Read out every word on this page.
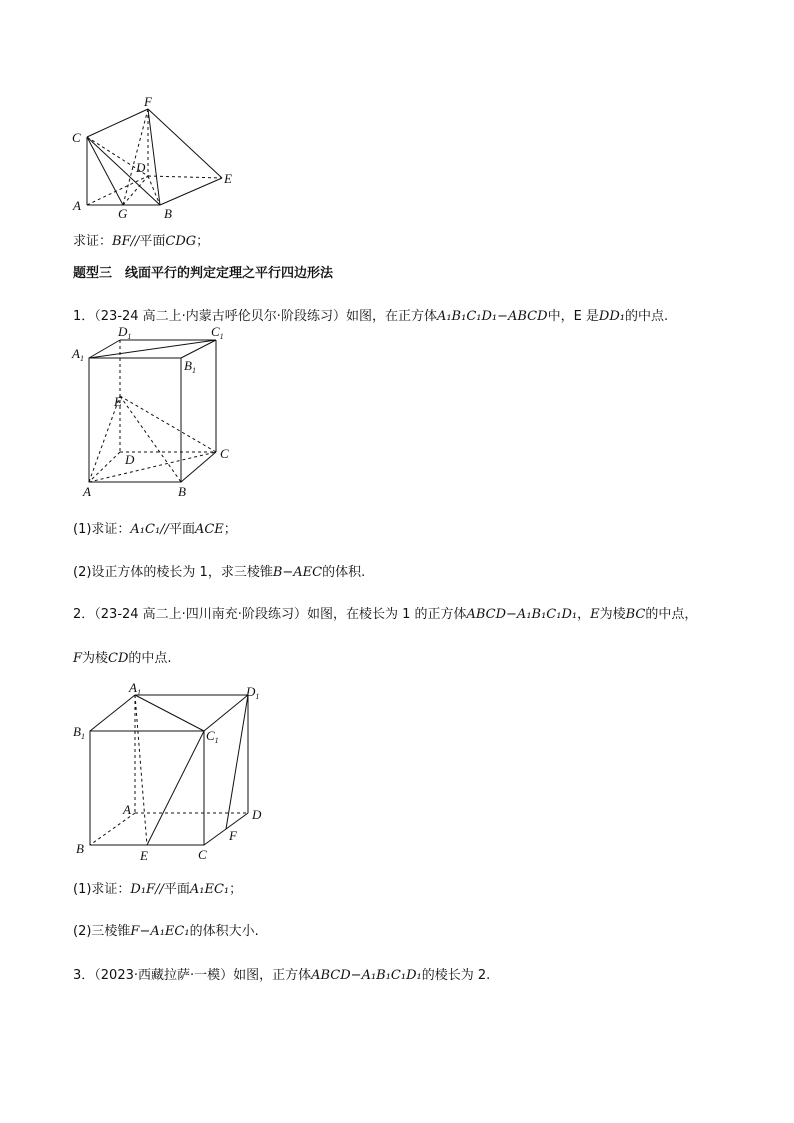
C
F
D
E
A
G	B
求证：BF//平面CDG；
题型三　线面平行的判定定理之平行四边形法
1．（23-24 高二上·内蒙古呼伦贝尔·阶段练习）如图，在正方体A₁B₁C₁D₁−ABCD中，E 是DD₁的中点.
$D_1$	$C_1$
$A_1$	$B_1$
E
D	C
A	B
(1)求证：A₁C₁//平面ACE；
(2)设正方体的棱长为 1，求三棱锥B−AEC的体积.
2．（23-24 高二上·四川南充·阶段练习）如图，在棱长为 1 的正方体ABCD−A₁B₁C₁D₁，E为棱BC的中点，
F为棱CD的中点.
$A_1$	$D_1$
$B_1$	$C_1$
A	D
F
B	E	C
(1)求证：D₁F//平面A₁EC₁；
(2)三棱锥F−A₁EC₁的体积大小.
3．（2023·西藏拉萨·一模）如图，正方体ABCD−A₁B₁C₁D₁的棱长为 2.
